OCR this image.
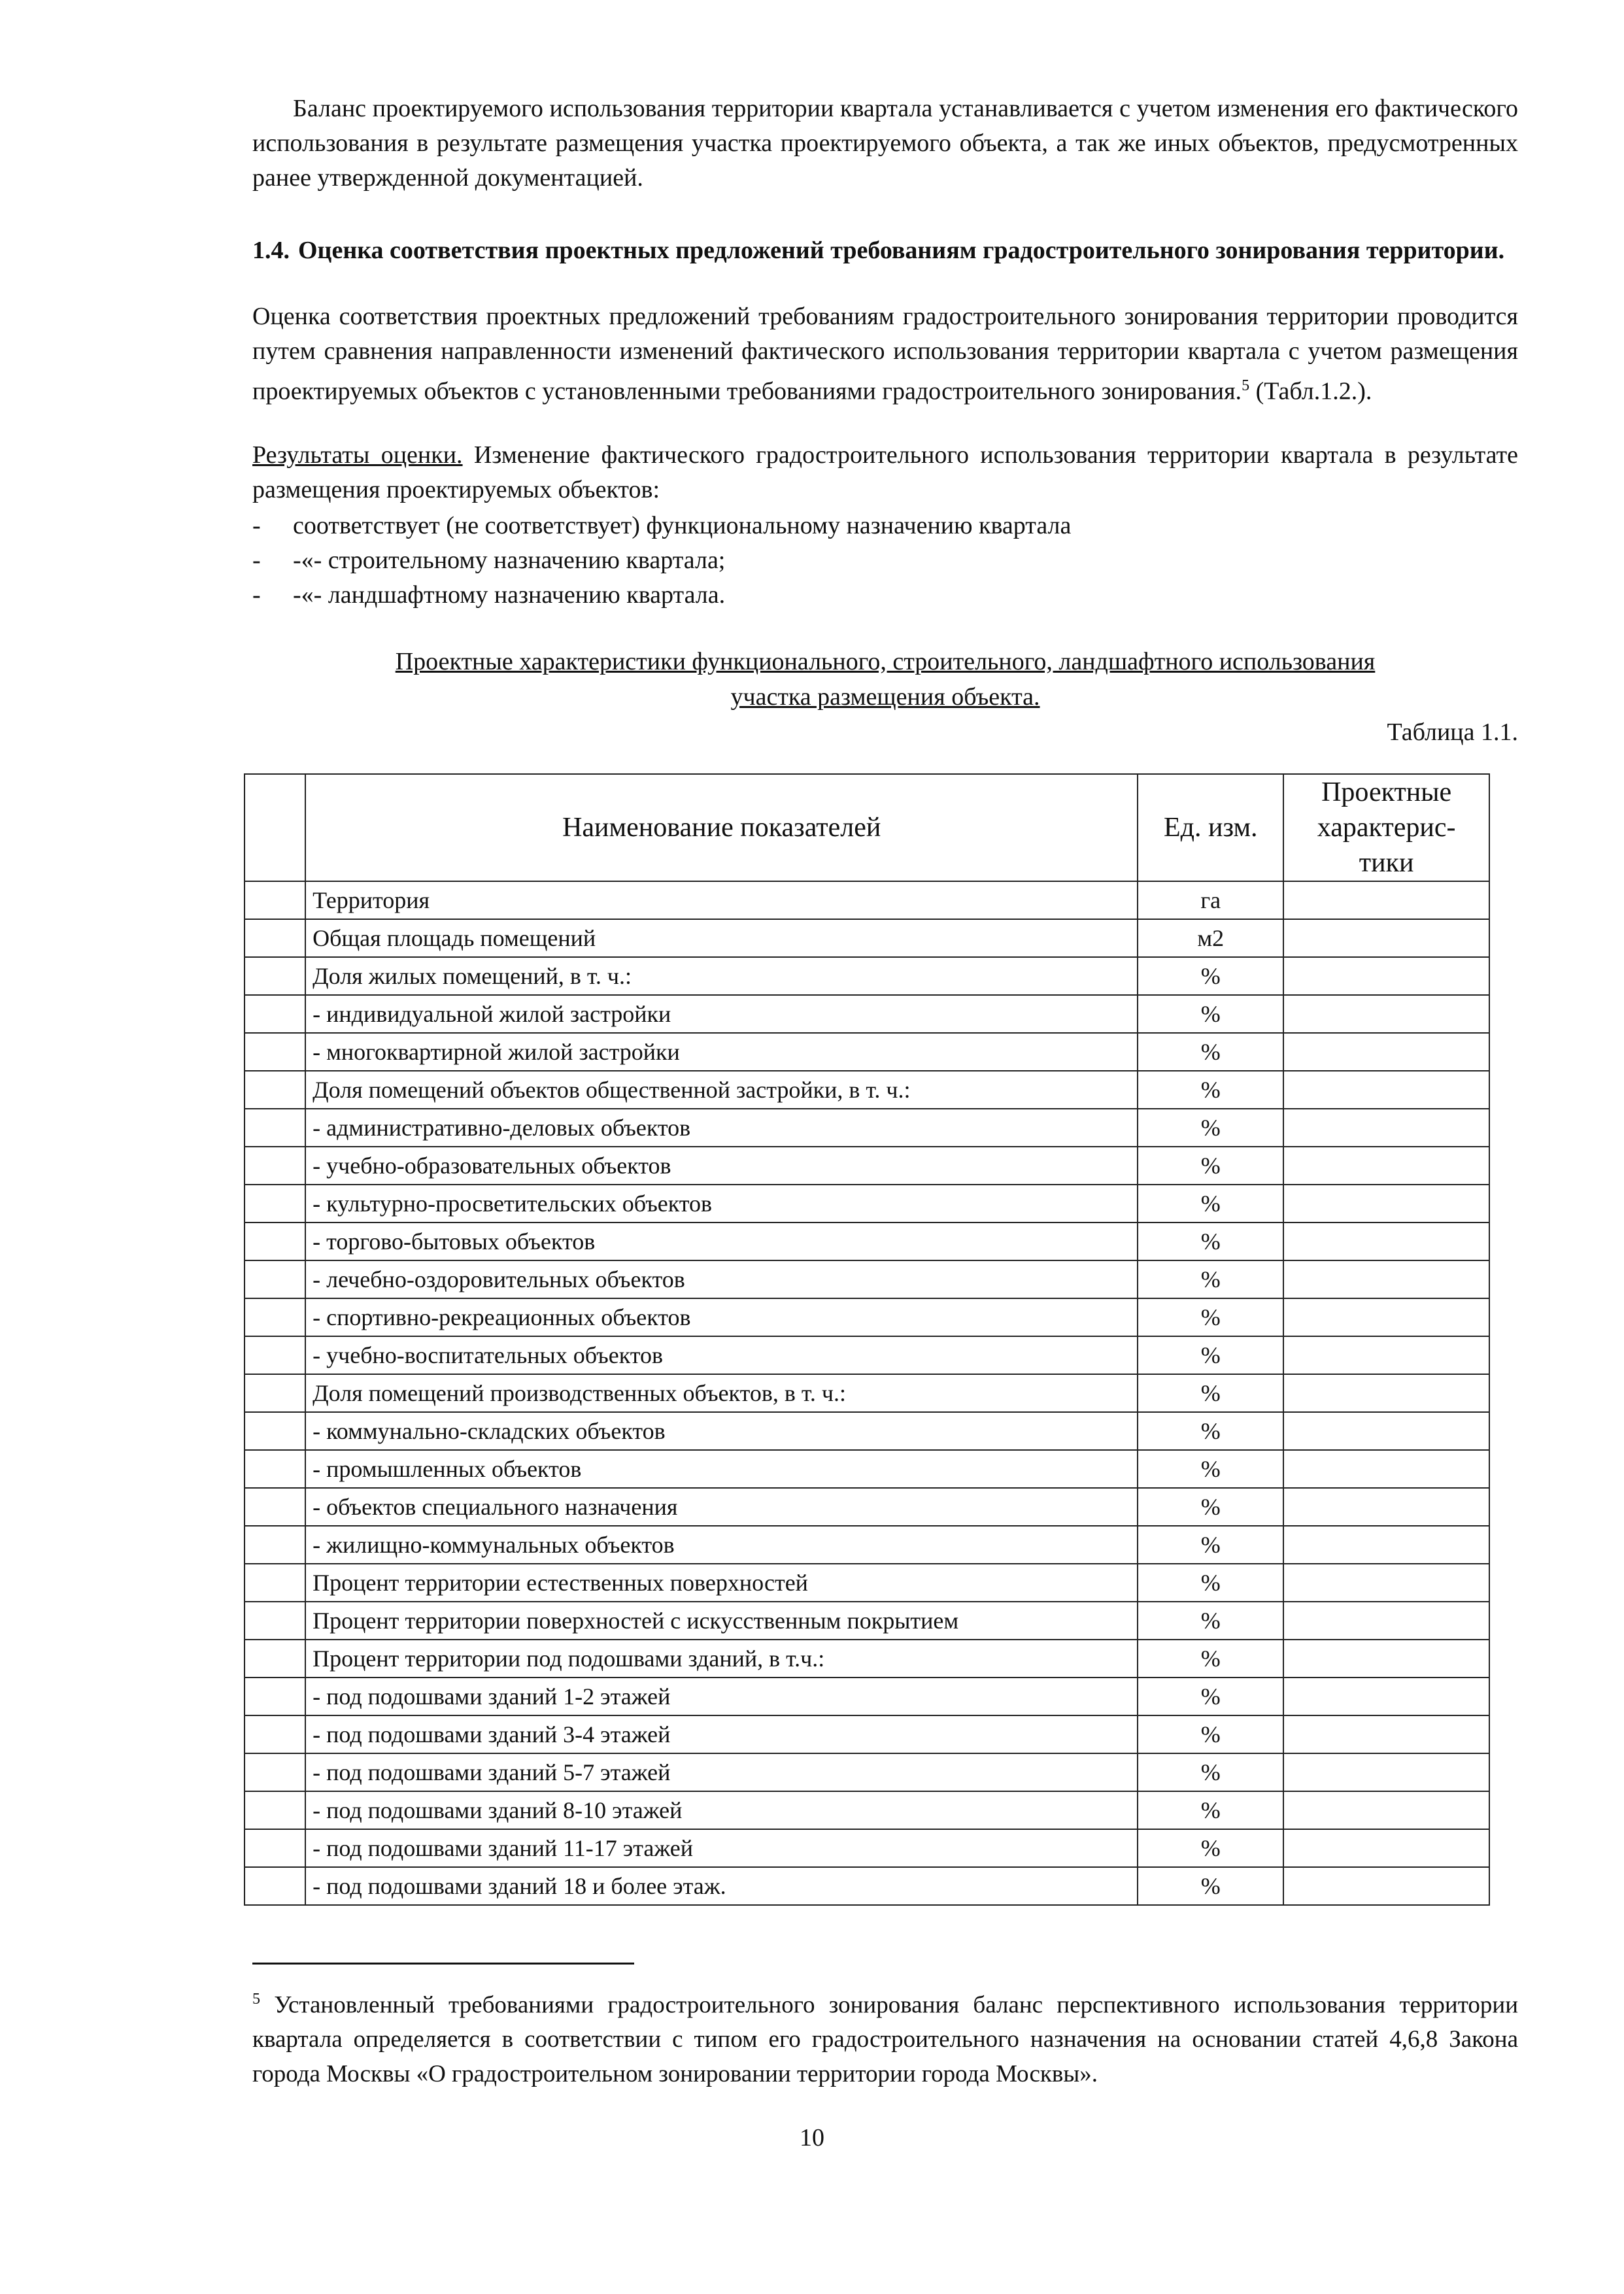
Баланс проектируемого использования территории квартала устанавливается с учетом изменения его фактического использования в результате размещения участка проектируемого объекта, а так же иных объектов, предусмотренных ранее утвержденной документацией.
1.4. Оценка соответствия проектных предложений требованиям градостроительного зонирования территории.
Оценка соответствия проектных предложений требованиям градостроительного зонирования территории проводится путем сравнения направленности изменений фактического использования территории квартала с учетом размещения проектируемых объектов с установленными требованиями градостроительного зонирования.$^5$ (Табл.1.2.).
Результаты оценки. Изменение фактического градостроительного использования территории квартала в результате размещения проектируемых объектов:
- соответствует (не соответствует) функциональному назначению квартала
- -«- строительному назначению квартала;
- -«- ландшафтному назначению квартала.
Проектные характеристики функционального, строительного, ландшафтного использования
участка размещения объекта.
Таблица 1.1.
	Наименование показателей	Ед. изм.	Проектные характерис-тики
	Территория	га	
	Общая площадь помещений	м2	
	Доля жилых помещений, в т. ч.:	%	
	- индивидуальной жилой застройки	%	
	- многоквартирной жилой застройки	%	
	Доля помещений объектов общественной застройки, в т. ч.:	%	
	- административно-деловых объектов	%	
	- учебно-образовательных объектов	%	
	- культурно-просветительских объектов	%	
	- торгово-бытовых объектов	%	
	- лечебно-оздоровительных объектов	%	
	- спортивно-рекреационных объектов	%	
	- учебно-воспитательных объектов	%	
	Доля помещений производственных объектов, в т. ч.:	%	
	- коммунально-складских объектов	%	
	- промышленных объектов	%	
	- объектов специального назначения	%	
	- жилищно-коммунальных объектов	%	
	Процент территории естественных поверхностей	%	
	Процент территории поверхностей с искусственным покрытием	%	
	Процент территории под подошвами зданий, в т.ч.:	%	
	- под подошвами зданий 1-2 этажей	%	
	- под подошвами зданий 3-4 этажей	%	
	- под подошвами зданий 5-7 этажей	%	
	- под подошвами зданий 8-10 этажей	%	
	- под подошвами зданий 11-17 этажей	%	
	- под подошвами зданий 18 и более этаж.	%	
$^5$ Установленный требованиями градостроительного зонирования баланс перспективного использования территории квартала определяется в соответствии с типом его градостроительного назначения на основании статей 4,6,8 Закона города Москвы «О градостроительном зонировании территории города Москвы».
10
